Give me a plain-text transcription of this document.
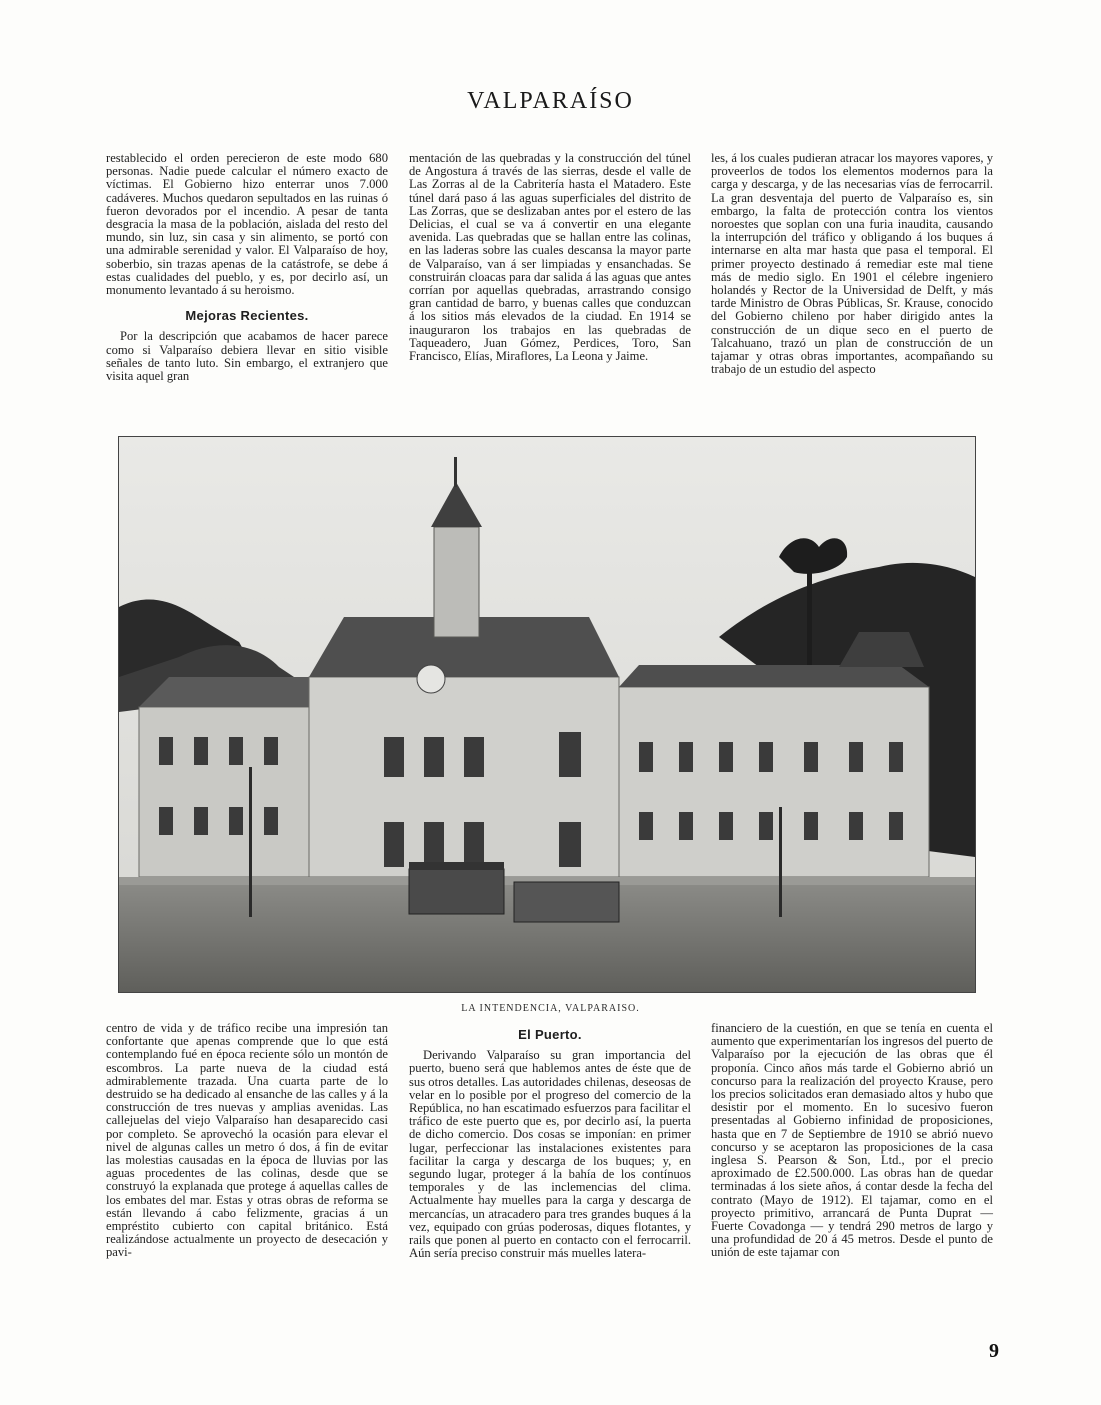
VALPARAÍSO

restablecido el orden perecieron de este modo 680 personas. Nadie puede calcular el número exacto de víctimas. El Gobierno hizo enterrar unos 7.000 cadáveres. Muchos quedaron sepultados en las ruinas ó fueron devorados por el incendio. A pesar de tanta desgracia la masa de la población, aislada del resto del mundo, sin luz, sin casa y sin alimento, se portó con una admirable serenidad y valor. El Valparaíso de hoy, soberbio, sin trazas apenas de la catástrofe, se debe á estas cualidades del pueblo, y es, por decirlo así, un monumento levantado á su heroismo.

Mejoras Recientes.

Por la descripción que acabamos de hacer parece como si Valparaíso debiera llevar en sitio visible señales de tanto luto. Sin embargo, el extranjero que visita aquel gran

mentación de las quebradas y la construcción del túnel de Angostura á través de las sierras, desde el valle de Las Zorras al de la Cabritería hasta el Matadero. Este túnel dará paso á las aguas superficiales del distrito de Las Zorras, que se deslizaban antes por el estero de las Delicias, el cual se va á convertir en una elegante avenida. Las quebradas que se hallan entre las colinas, en las laderas sobre las cuales descansa la mayor parte de Valparaíso, van á ser limpiadas y ensanchadas. Se construirán cloacas para dar salida á las aguas que antes corrían por aquellas quebradas, arrastrando consigo gran cantidad de barro, y buenas calles que conduzcan á los sitios más elevados de la ciudad. En 1914 se inauguraron los trabajos en las quebradas de Taqueadero, Juan Gómez, Perdices, Toro, San Francisco, Elías, Miraflores, La Leona y Jaime.

les, á los cuales pudieran atracar los mayores vapores, y proveerlos de todos los elementos modernos para la carga y descarga, y de las necesarias vías de ferrocarril. La gran desventaja del puerto de Valparaíso es, sin embargo, la falta de protección contra los vientos noroestes que soplan con una furia inaudita, causando la interrupción del tráfico y obligando á los buques á internarse en alta mar hasta que pasa el temporal. El primer proyecto destinado á remediar este mal tiene más de medio siglo. En 1901 el célebre ingeniero holandés y Rector de la Universidad de Delft, y más tarde Ministro de Obras Públicas, Sr. Krause, conocido del Gobierno chileno por haber dirigido antes la construcción de un dique seco en el puerto de Talcahuano, trazó un plan de construcción de un tajamar y otras obras importantes, acompañando su trabajo de un estudio del aspecto

LA INTENDENCIA, VALPARAISO.

centro de vida y de tráfico recibe una impresión tan confortante que apenas comprende que lo que está contemplando fué en época reciente sólo un montón de escombros. La parte nueva de la ciudad está admirablemente trazada. Una cuarta parte de lo destruido se ha dedicado al ensanche de las calles y á la construcción de tres nuevas y amplias avenidas. Las callejuelas del viejo Valparaíso han desaparecido casi por completo. Se aprovechó la ocasión para elevar el nivel de algunas calles un metro ó dos, á fin de evitar las molestias causadas en la época de lluvias por las aguas procedentes de las colinas, desde que se construyó la explanada que protege á aquellas calles de los embates del mar. Estas y otras obras de reforma se están llevando á cabo felizmente, gracias á un empréstito cubierto con capital británico. Está realizándose actualmente un proyecto de desecación y pavi-

El Puerto.

Derivando Valparaíso su gran importancia del puerto, bueno será que hablemos antes de éste que de sus otros detalles. Las autoridades chilenas, deseosas de velar en lo posible por el progreso del comercio de la República, no han escatimado esfuerzos para facilitar el tráfico de este puerto que es, por decirlo así, la puerta de dicho comercio. Dos cosas se imponían: en primer lugar, perfeccionar las instalaciones existentes para facilitar la carga y descarga de los buques; y, en segundo lugar, proteger á la bahía de los contínuos temporales y de las inclemencias del clima. Actualmente hay muelles para la carga y descarga de mercancías, un atracadero para tres grandes buques á la vez, equipado con grúas poderosas, diques flotantes, y rails que ponen al puerto en contacto con el ferrocarril. Aún sería preciso construir más muelles latera-

financiero de la cuestión, en que se tenía en cuenta el aumento que experimentarían los ingresos del puerto de Valparaíso por la ejecución de las obras que él proponía. Cinco años más tarde el Gobierno abrió un concurso para la realización del proyecto Krause, pero los precios solicitados eran demasiado altos y hubo que desistir por el momento. En lo sucesivo fueron presentadas al Gobierno infinidad de proposiciones, hasta que en 7 de Septiembre de 1910 se abrió nuevo concurso y se aceptaron las proposiciones de la casa inglesa S. Pearson & Son, Ltd., por el precio aproximado de £2.500.000. Las obras han de quedar terminadas á los siete años, á contar desde la fecha del contrato (Mayo de 1912). El tajamar, como en el proyecto primitivo, arrancará de Punta Duprat — Fuerte Covadonga — y tendrá 290 metros de largo y una profundidad de 20 á 45 metros. Desde el punto de unión de este tajamar con

9
